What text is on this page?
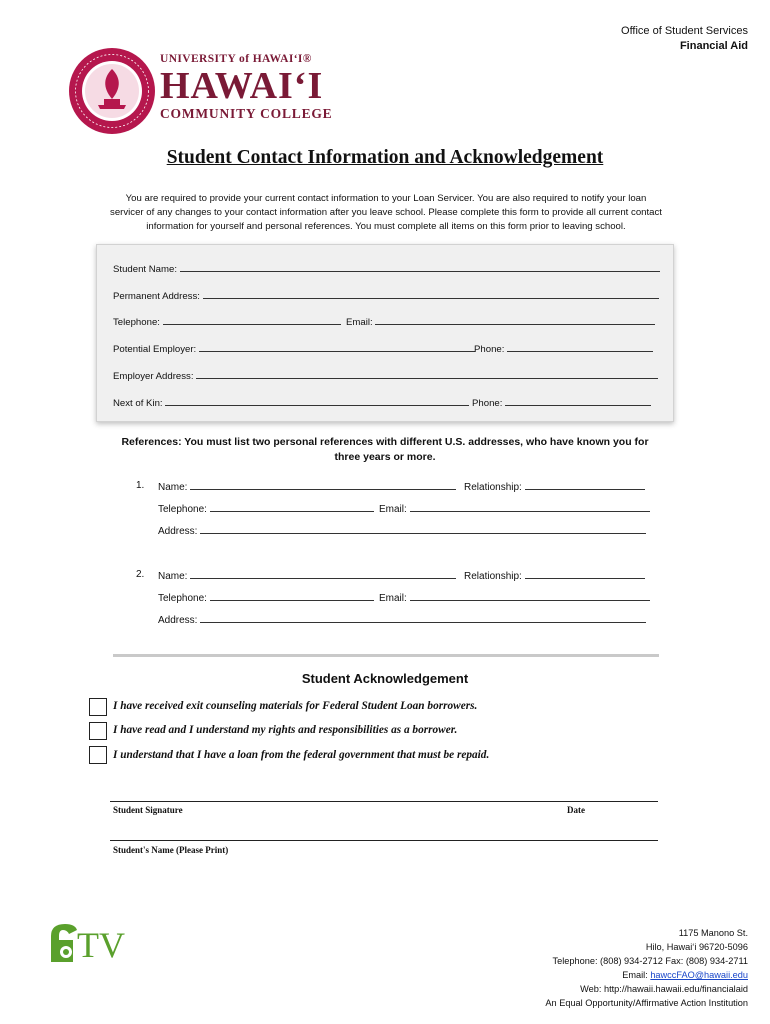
Office of Student Services
Financial Aid
UNIVERSITY of HAWAIʻI®
HAWAIʻI
COMMUNITY COLLEGE
Student Contact Information and Acknowledgement
You are required to provide your current contact information to your Loan Servicer. You are also required to notify your loan servicer of any changes to your contact information after you leave school. Please complete this form to provide all current contact information for yourself and personal references. You must complete all items on this form prior to leaving school.
Student Name:
Permanent Address:
Telephone:	Email:
Potential Employer:	Phone:
Employer Address:
Next of Kin:	Phone:
References: You must list two personal references with different U.S. addresses, who have known you for three years or more.
1. Name:	Relationship:
Telephone:	Email:
Address:
2. Name:	Relationship:
Telephone:	Email:
Address:
Student Acknowledgement
I have received exit counseling materials for Federal Student Loan borrowers.
I have read and I understand my rights and responsibilities as a borrower.
I understand that I have a loan from the federal government that must be repaid.
Student Signature	Date
Student's Name (Please Print)
TV	1175 Manono St.
Hilo, Hawaiʻi 96720-5096
Telephone: (808) 934-2712 Fax: (808) 934-2711
Email: hawccFAO@hawaii.edu
Web: http://hawaii.hawaii.edu/financialaid
An Equal Opportunity/Affirmative Action Institution
